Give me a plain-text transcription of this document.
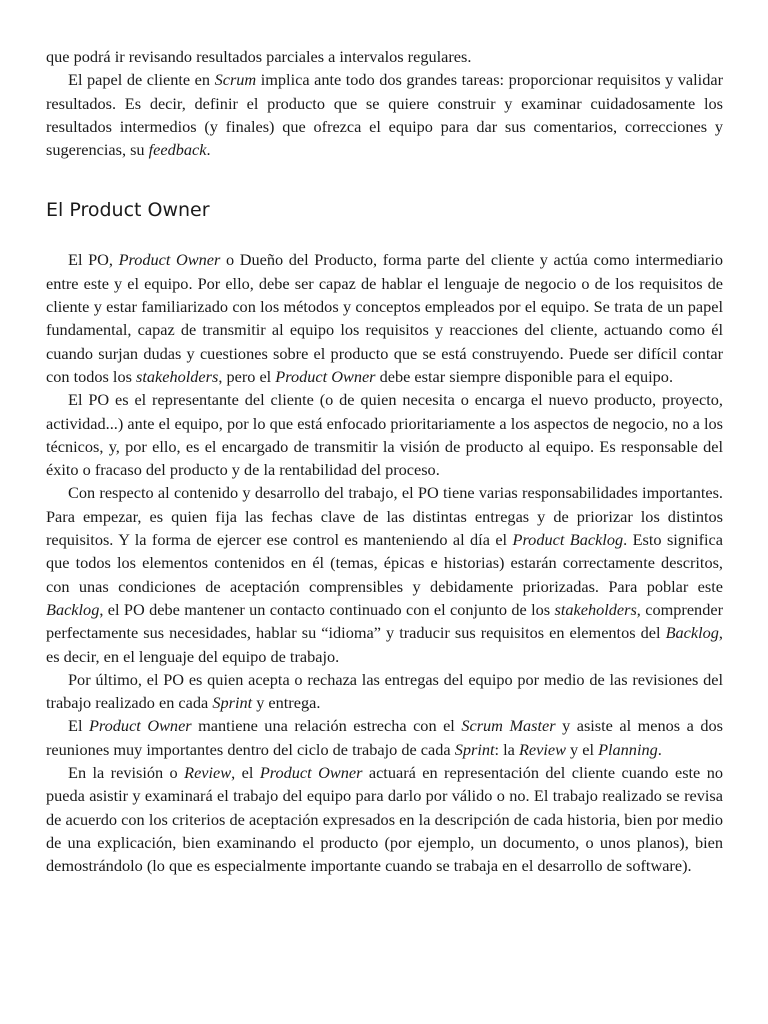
que podrá ir revisando resultados parciales a intervalos regulares.

El papel de cliente en Scrum implica ante todo dos grandes tareas: proporcionar requisitos y validar resultados. Es decir, definir el producto que se quiere construir y examinar cuidadosamente los resultados intermedios (y finales) que ofrezca el equipo para dar sus comentarios, correcciones y sugerencias, su feedback.

El Product Owner

El PO, Product Owner o Dueño del Producto, forma parte del cliente y actúa como intermediario entre este y el equipo. Por ello, debe ser capaz de hablar el lenguaje de negocio o de los requisitos de cliente y estar familiarizado con los métodos y conceptos empleados por el equipo. Se trata de un papel fundamental, capaz de transmitir al equipo los requisitos y reacciones del cliente, actuando como él cuando surjan dudas y cuestiones sobre el producto que se está construyendo. Puede ser difícil contar con todos los stakeholders, pero el Product Owner debe estar siempre disponible para el equipo.

El PO es el representante del cliente (o de quien necesita o encarga el nuevo producto, proyecto, actividad...) ante el equipo, por lo que está enfocado prioritariamente a los aspectos de negocio, no a los técnicos, y, por ello, es el encargado de transmitir la visión de producto al equipo. Es responsable del éxito o fracaso del producto y de la rentabilidad del proceso.

Con respecto al contenido y desarrollo del trabajo, el PO tiene varias responsabilidades importantes. Para empezar, es quien fija las fechas clave de las distintas entregas y de priorizar los distintos requisitos. Y la forma de ejercer ese control es manteniendo al día el Product Backlog. Esto significa que todos los elementos contenidos en él (temas, épicas e historias) estarán correctamente descritos, con unas condiciones de aceptación comprensibles y debidamente priorizadas. Para poblar este Backlog, el PO debe mantener un contacto continuado con el conjunto de los stakeholders, comprender perfectamente sus necesidades, hablar su “idioma” y traducir sus requisitos en elementos del Backlog, es decir, en el lenguaje del equipo de trabajo.

Por último, el PO es quien acepta o rechaza las entregas del equipo por medio de las revisiones del trabajo realizado en cada Sprint y entrega.

El Product Owner mantiene una relación estrecha con el Scrum Master y asiste al menos a dos reuniones muy importantes dentro del ciclo de trabajo de cada Sprint: la Review y el Planning.

En la revisión o Review, el Product Owner actuará en representación del cliente cuando este no pueda asistir y examinará el trabajo del equipo para darlo por válido o no. El trabajo realizado se revisa de acuerdo con los criterios de aceptación expresados en la descripción de cada historia, bien por medio de una explicación, bien examinando el producto (por ejemplo, un documento, o unos planos), bien demostrándolo (lo que es especialmente importante cuando se trabaja en el desarrollo de software).
